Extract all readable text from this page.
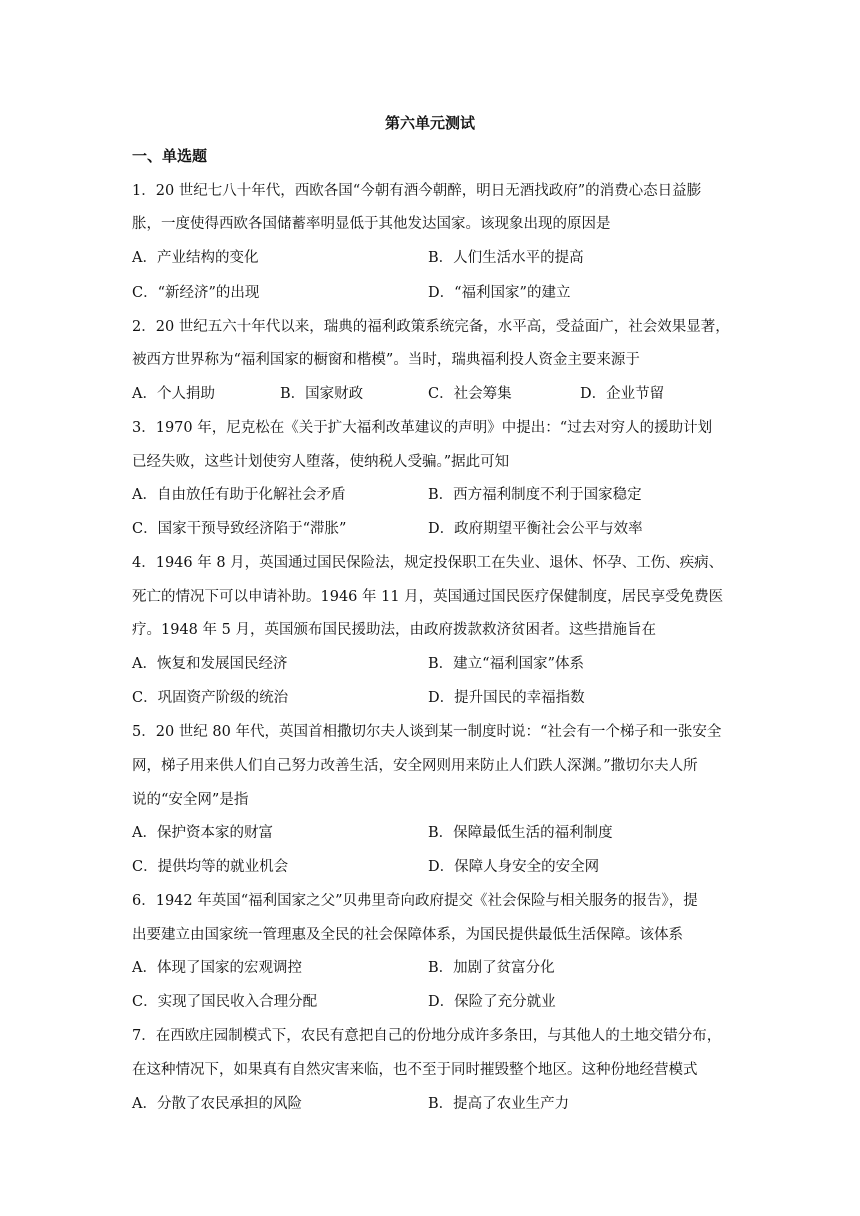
第六单元测试
一、单选题
1．20 世纪七八十年代，西欧各国“今朝有酒今朝醉，明日无酒找政府”的消费心态日益膨
胀，一度使得西欧各国储蓄率明显低于其他发达国家。该现象出现的原因是
A．产业结构的变化	B．人们生活水平的提高
C．“新经济”的出现	D．“福利国家”的建立
2．20 世纪五六十年代以来，瑞典的福利政策系统完备，水平高，受益面广，社会效果显著，
被西方世界称为“福利国家的橱窗和楷模”。当时，瑞典福利投人资金主要来源于
A．个人捐助	B．国家财政	C．社会筹集	D．企业节留
3．1970 年，尼克松在《关于扩大福利改革建议的声明》中提出：“过去对穷人的援助计划
已经失败，这些计划使穷人堕落，使纳税人受骗。”据此可知
A．自由放任有助于化解社会矛盾	B．西方福利制度不利于国家稳定
C．国家干预导致经济陷于“滞胀”	D．政府期望平衡社会公平与效率
4．1946 年 8 月，英国通过国民保险法，规定投保职工在失业、退休、怀孕、工伤、疾病、
死亡的情况下可以申请补助。1946 年 11 月，英国通过国民医疗保健制度，居民享受免费医
疗。1948 年 5 月，英国颁布国民援助法，由政府拨款救济贫困者。这些措施旨在
A．恢复和发展国民经济	B．建立“福利国家”体系
C．巩固资产阶级的统治	D．提升国民的幸福指数
5．20 世纪 80 年代，英国首相撒切尔夫人谈到某一制度时说：“社会有一个梯子和一张安全
网，梯子用来供人们自己努力改善生活，安全网则用来防止人们跌人深渊。”撒切尔夫人所
说的“安全网”是指
A．保护资本家的财富	B．保障最低生活的福利制度
C．提供均等的就业机会	D．保障人身安全的安全网
6．1942 年英国“福利国家之父”贝弗里奇向政府提交《社会保险与相关服务的报告》，提
出要建立由国家统一管理惠及全民的社会保障体系，为国民提供最低生活保障。该体系
A．体现了国家的宏观调控	B．加剧了贫富分化
C．实现了国民收入合理分配	D．保险了充分就业
7．在西欧庄园制模式下，农民有意把自己的份地分成许多条田，与其他人的土地交错分布，
在这种情况下，如果真有自然灾害来临，也不至于同时摧毁整个地区。这种份地经营模式
A．分散了农民承担的风险	B．提高了农业生产力
